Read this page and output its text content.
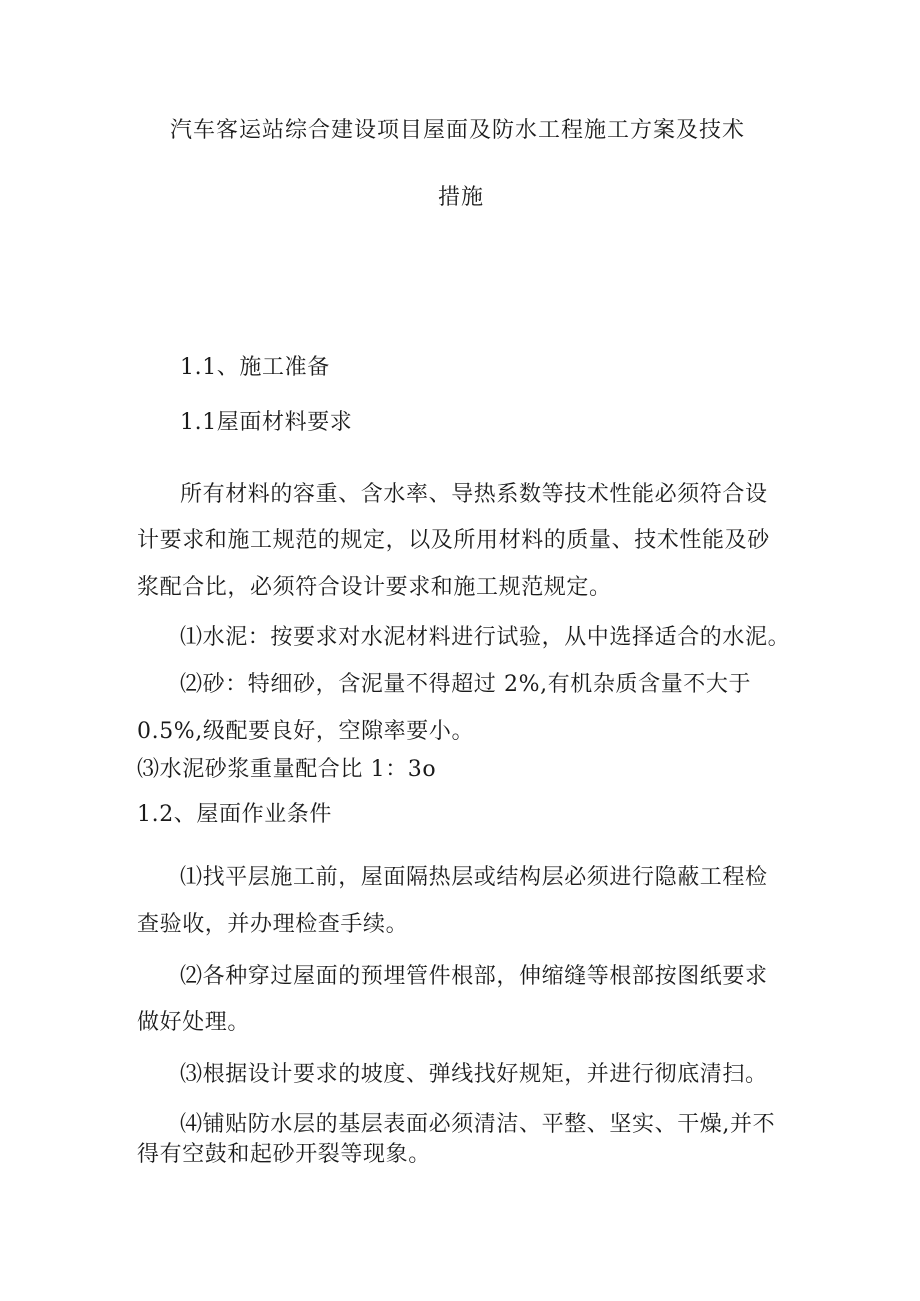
汽车客运站综合建设项目屋面及防水工程施工方案及技术
措施
1.1、施工准备
1.1屋面材料要求
所有材料的容重、含水率、导热系数等技术性能必须符合设
计要求和施工规范的规定，以及所用材料的质量、技术性能及砂
浆配合比，必须符合设计要求和施工规范规定。
⑴水泥：按要求对水泥材料进行试验，从中选择适合的水泥。
⑵砂：特细砂，含泥量不得超过 2%,有机杂质含量不大于
0.5%,级配要良好，空隙率要小。
⑶水泥砂浆重量配合比 1：3o
1.2、屋面作业条件
⑴找平层施工前，屋面隔热层或结构层必须进行隐蔽工程检
查验收，并办理检查手续。
⑵各种穿过屋面的预埋管件根部，伸缩缝等根部按图纸要求
做好处理。
⑶根据设计要求的坡度、弹线找好规矩，并进行彻底清扫。
⑷铺贴防水层的基层表面必须清洁、平整、坚实、干燥,并不
得有空鼓和起砂开裂等现象。
